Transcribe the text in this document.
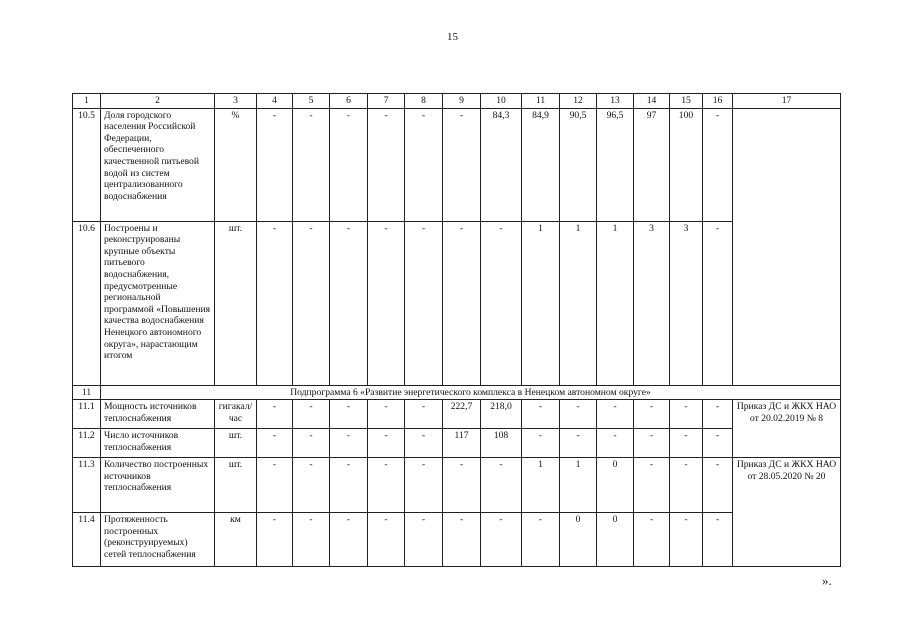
15
1	2	3	4	5	6	7	8	9	10	11	12	13	14	15	16	17
10.5	Доля городского населения Российской Федерации, обеспеченного качественной питьевой водой из систем централизованного водоснабжения	%	-	-	-	-	-	-	84,3	84,9	90,5	96,5	97	100	-	
10.6	Построены и реконструированы крупные объекты питьевого водоснабжения, предусмотренные региональной программой «Повышения качества водоснабжения Ненецкого автономного округа», нарастающим итогом	шт.	-	-	-	-	-	-	-	1	1	1	3	3	-	
11	Подпрограмма 6 «Развитие энергетического комплекса в Ненецком автономном округе»															
11.1	Мощность источников теплоснабжения	гигакал/ час	-	-	-	-	-	222,7	218,0	-	-	-	-	-	-	Приказ ДС и ЖКХ НАО от 20.02.2019 № 8
11.2	Число источников теплоснабжения	шт.	-	-	-	-	-	117	108	-	-	-	-	-	-	
11.3	Количество построенных источников теплоснабжения	шт.	-	-	-	-	-	-	-	1	1	0	-	-	-	Приказ ДС и ЖКХ НАО от 28.05.2020 № 20
11.4	Протяженность построенных (реконструируемых) сетей теплоснабжения	км	-	-	-	-	-	-	-	-	0	0	-	-	-	
».
